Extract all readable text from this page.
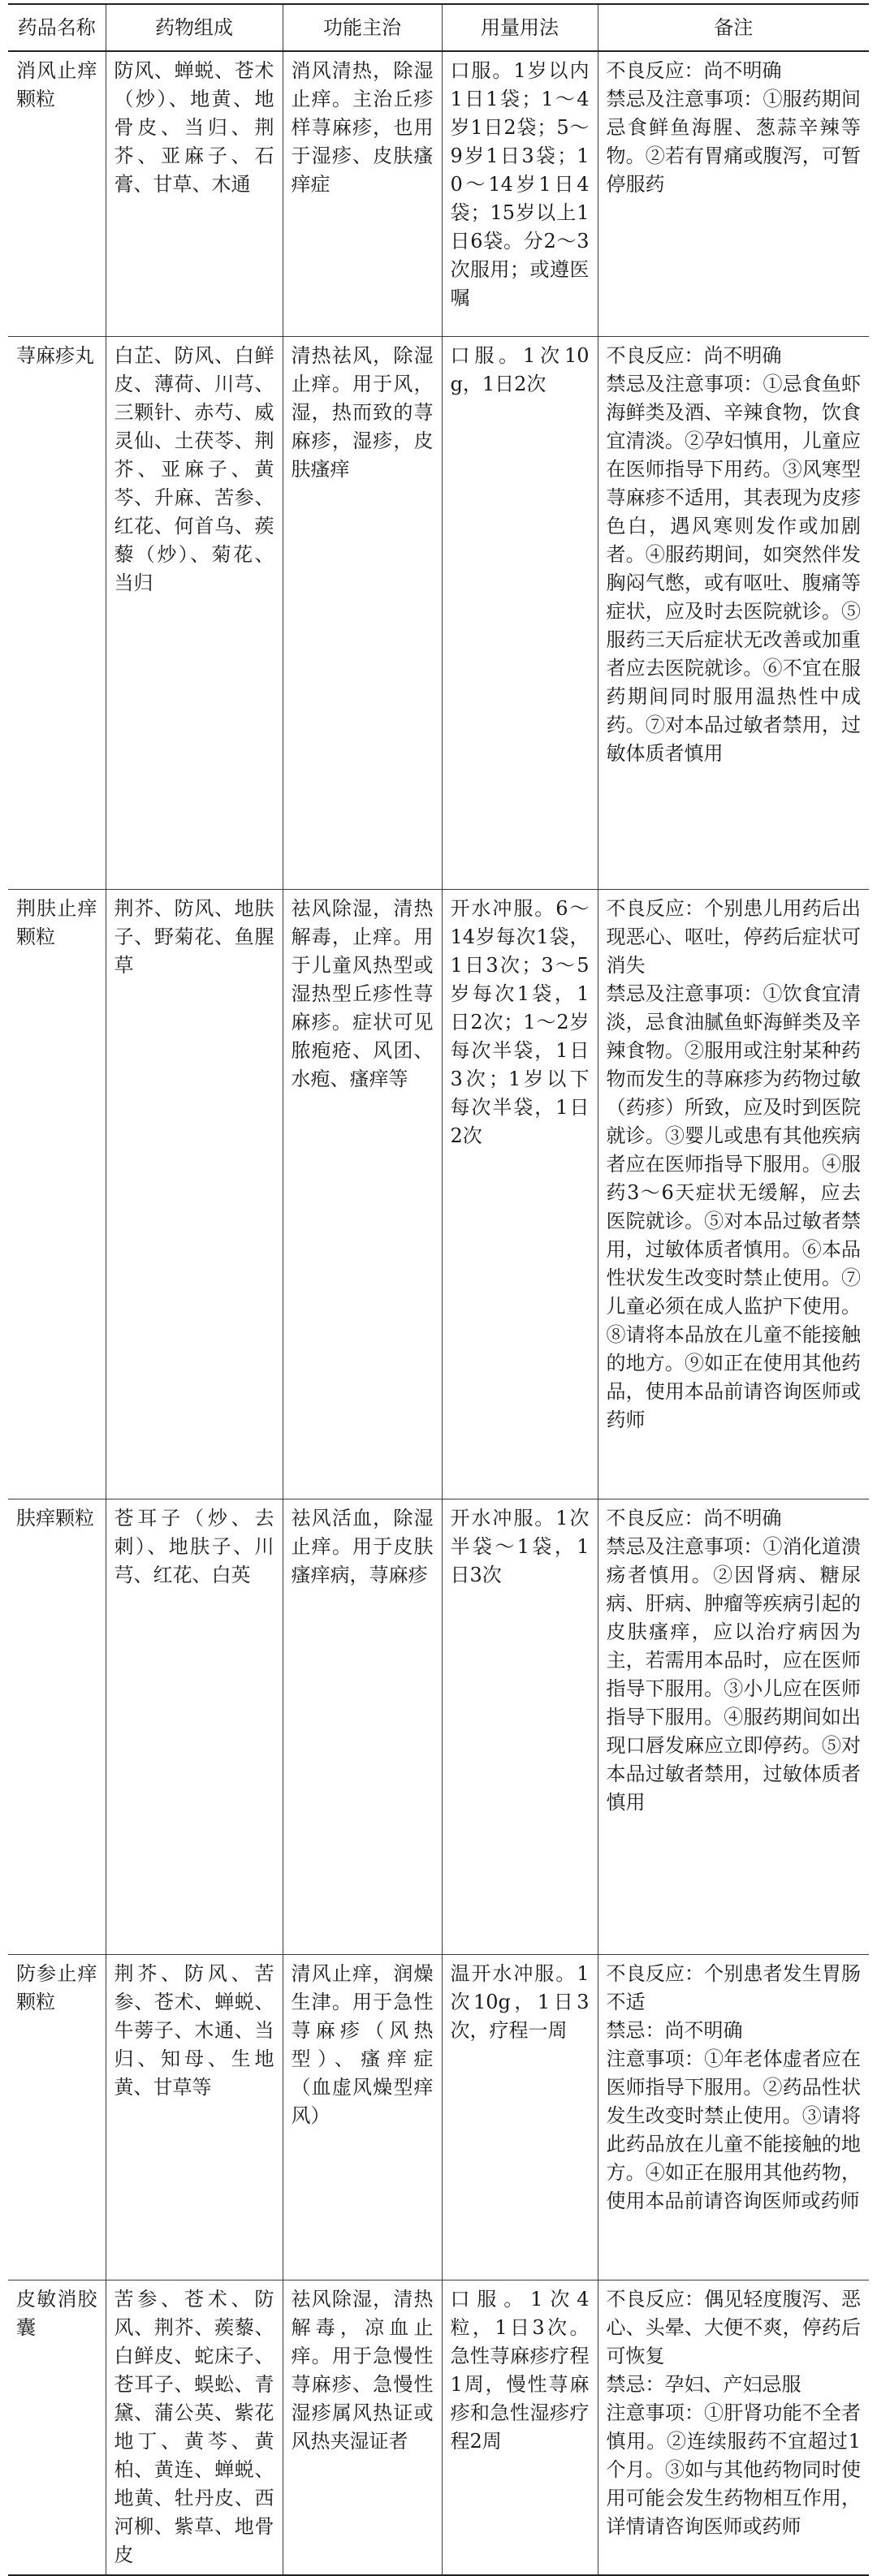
药品名称	药物组成	功能主治	用量用法	备注
消风止痒颗粒	防风、蝉蜕、苍术（炒）、地黄、地骨皮、当归、荆芥、亚麻子、石膏、甘草、木通	消风清热，除湿止痒。主治丘疹样荨麻疹，也用于湿疹、皮肤瘙痒症	口服。1岁以内1日1袋；1～4岁1日2袋；5～9岁1日3袋；10～14岁1日4袋；15岁以上1日6袋。分2～3次服用；或遵医嘱	不良反应：尚不明确
禁忌及注意事项：①服药期间忌食鲜鱼海腥、葱蒜辛辣等物。②若有胃痛或腹泻，可暂停服药

荨麻疹丸	白芷、防风、白鲜皮、薄荷、川芎、三颗针、赤芍、威灵仙、土茯苓、荆芥、亚麻子、黄芩、升麻、苦参、红花、何首乌、蒺藜（炒）、菊花、当归	清热祛风，除湿止痒。用于风，湿，热而致的荨麻疹，湿疹，皮肤瘙痒	口服。1次10g，1日2次	不良反应：尚不明确
禁忌及注意事项：①忌食鱼虾海鲜类及酒、辛辣食物，饮食宜清淡。②孕妇慎用，儿童应在医师指导下用药。③风寒型荨麻疹不适用，其表现为皮疹色白，遇风寒则发作或加剧者。④服药期间，如突然伴发胸闷气憋，或有呕吐、腹痛等症状，应及时去医院就诊。⑤服药三天后症状无改善或加重者应去医院就诊。⑥不宜在服药期间同时服用温热性中成药。⑦对本品过敏者禁用，过敏体质者慎用

荆肤止痒颗粒	荆芥、防风、地肤子、野菊花、鱼腥草	祛风除湿，清热解毒，止痒。用于儿童风热型或湿热型丘疹性荨麻疹。症状可见脓疱疮、风团、水疱、瘙痒等	开水冲服。6～14岁每次1袋，1日3次；3～5岁每次1袋，1日2次；1～2岁每次半袋，1日3次；1岁以下每次半袋，1日2次	不良反应：个别患儿用药后出现恶心、呕吐，停药后症状可消失
禁忌及注意事项：①饮食宜清淡，忌食油腻鱼虾海鲜类及辛辣食物。②服用或注射某种药物而发生的荨麻疹为药物过敏（药疹）所致，应及时到医院就诊。③婴儿或患有其他疾病者应在医师指导下服用。④服药3～6天症状无缓解，应去医院就诊。⑤对本品过敏者禁用，过敏体质者慎用。⑥本品性状发生改变时禁止使用。⑦儿童必须在成人监护下使用。⑧请将本品放在儿童不能接触的地方。⑨如正在使用其他药品，使用本品前请咨询医师或药师

肤痒颗粒	苍耳子（炒、去刺）、地肤子、川芎、红花、白英	祛风活血，除湿止痒。用于皮肤瘙痒病，荨麻疹	开水冲服。1次半袋～1袋，1日3次	不良反应：尚不明确
禁忌及注意事项：①消化道溃疡者慎用。②因肾病、糖尿病、肝病、肿瘤等疾病引起的皮肤瘙痒，应以治疗病因为主，若需用本品时，应在医师指导下服用。③小儿应在医师指导下服用。④服药期间如出现口唇发麻应立即停药。⑤对本品过敏者禁用，过敏体质者慎用

防参止痒颗粒	荆芥、防风、苦参、苍术、蝉蜕、牛蒡子、木通、当归、知母、生地黄、甘草等	清风止痒，润燥生津。用于急性荨麻疹（风热型）、瘙痒症（血虚风燥型痒风）	温开水冲服。1次10g，1日3次，疗程一周	不良反应：个别患者发生胃肠不适
禁忌：尚不明确
注意事项：①年老体虚者应在医师指导下服用。②药品性状发生改变时禁止使用。③请将此药品放在儿童不能接触的地方。④如正在服用其他药物，使用本品前请咨询医师或药师

皮敏消胶囊	苦参、苍术、防风、荆芥、蒺藜、白鲜皮、蛇床子、苍耳子、蜈蚣、青黛、蒲公英、紫花地丁、黄芩、黄柏、黄连、蝉蜕、地黄、牡丹皮、西河柳、紫草、地骨皮	祛风除湿，清热解毒，凉血止痒。用于急慢性荨麻疹、急慢性湿疹属风热证或风热夹湿证者	口服。1次4粒，1日3次。急性荨麻疹疗程1周，慢性荨麻疹和急性湿疹疗程2周	不良反应：偶见轻度腹泻、恶心、头晕、大便不爽，停药后可恢复
禁忌：孕妇、产妇忌服
注意事项：①肝肾功能不全者慎用。②连续服药不宜超过1个月。③如与其他药物同时使用可能会发生药物相互作用，详情请咨询医师或药师
